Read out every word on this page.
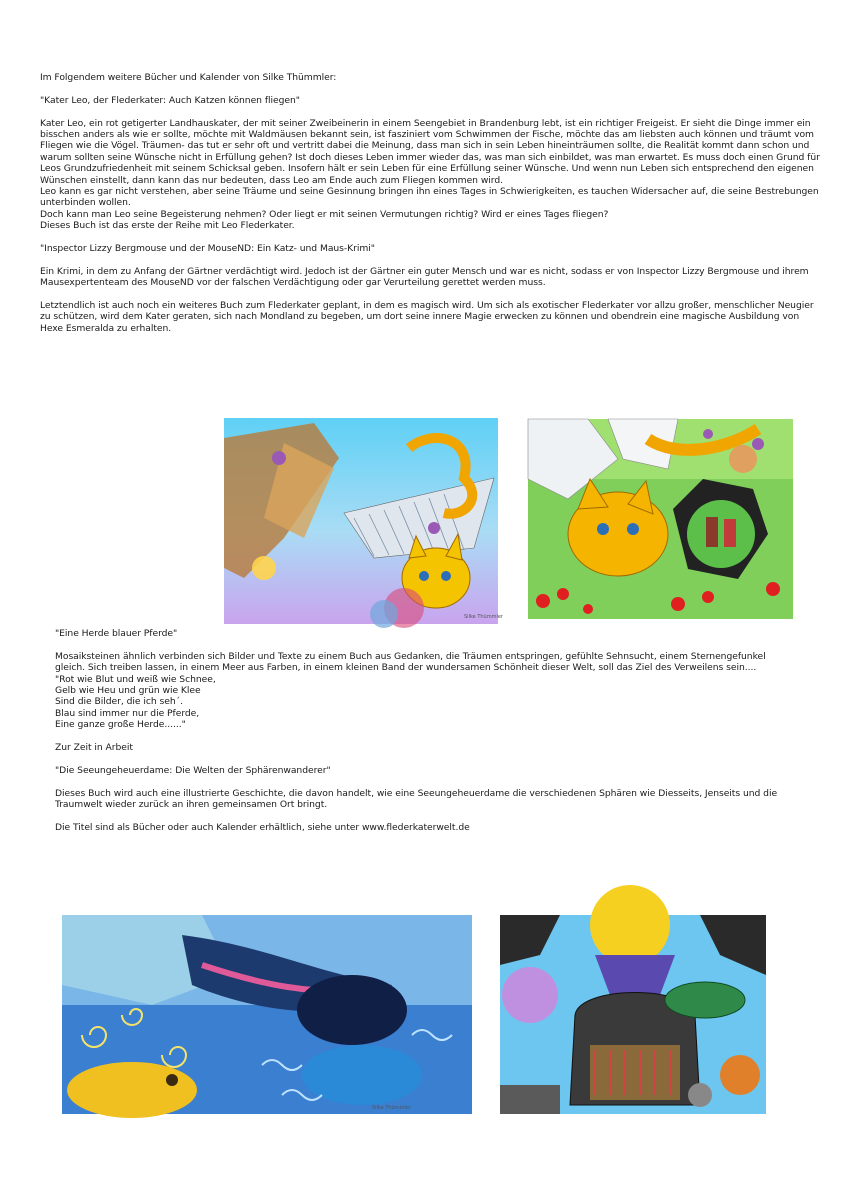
Im Folgendem weitere Bücher und Kalender von Silke Thümmler:

"Kater Leo, der Flederkater: Auch Katzen können fliegen"

Kater Leo, ein rot getigerter Landhauskater, der mit seiner Zweibeinerin in einem Seengebiet in Brandenburg lebt, ist ein richtiger Freigeist. Er sieht die Dinge immer ein bisschen anders als wie er sollte, möchte mit Waldmäusen bekannt sein, ist fasziniert vom Schwimmen der Fische, möchte das am liebsten auch können und träumt vom Fliegen wie die Vögel. Träumen- das tut er sehr oft und vertritt dabei die Meinung, dass man sich in sein Leben hineinträumen sollte, die Realität kommt dann schon und warum sollten seine Wünsche nicht in Erfüllung gehen? Ist doch dieses Leben immer wieder das, was man sich einbildet, was man erwartet. Es muss doch einen Grund für Leos Grundzufriedenheit mit seinem Schicksal geben. Insofern hält er sein Leben für eine Erfüllung seiner Wünsche. Und wenn nun Leben sich entsprechend den eigenen Wünschen einstellt, dann kann das nur bedeuten, dass Leo am Ende auch zum Fliegen kommen wird.

Leo kann es gar nicht verstehen, aber seine Träume und seine Gesinnung bringen ihn eines Tages in Schwierigkeiten, es tauchen Widersacher auf, die seine Bestrebungen unterbinden wollen.

Doch kann man Leo seine Begeisterung nehmen? Oder liegt er mit seinen Vermutungen richtig? Wird er eines Tages fliegen?

Dieses Buch ist das erste der Reihe mit Leo Flederkater.

"Inspector Lizzy Bergmouse und der MouseND: Ein Katz- und Maus-Krimi"

Ein Krimi, in dem zu Anfang der Gärtner verdächtigt wird. Jedoch ist der Gärtner ein guter Mensch und war es nicht, sodass er von Inspector Lizzy Bergmouse und ihrem Mausexpertenteam des MouseND vor der falschen Verdächtigung oder gar Verurteilung gerettet werden muss.

Letztendlich ist auch noch ein weiteres Buch zum Flederkater geplant, in dem es magisch wird. Um sich als exotischer Flederkater vor allzu großer, menschlicher Neugier zu schützen, wird dem Kater geraten, sich nach Mondland zu begeben, um dort seine innere Magie erwecken zu können und obendrein eine magische Ausbildung von Hexe Esmeralda zu erhalten.

Silke Thümmler

"Eine Herde blauer Pferde"

Mosaiksteinen ähnlich verbinden sich Bilder und Texte zu einem Buch aus Gedanken, die Träumen entspringen, gefühlte Sehnsucht, einem Sternengefunkel gleich. Sich treiben lassen, in einem Meer aus Farben, in einem kleinen Band der wundersamen Schönheit dieser Welt, soll das Ziel des Verweilens sein....

"Rot wie Blut und weiß wie Schnee,

Gelb wie Heu und grün wie Klee

Sind die Bilder, die ich seh´.

Blau sind immer nur die Pferde,

Eine ganze große Herde......"

Zur Zeit in Arbeit

"Die Seeungeheuerdame: Die Welten der Sphärenwanderer"

Dieses Buch wird auch eine illustrierte Geschichte, die davon handelt, wie eine Seeungeheuerdame die verschiedenen Sphären wie Diesseits, Jenseits und die Traumwelt wieder zurück an ihren gemeinsamen Ort bringt.

Die Titel sind als Bücher oder auch Kalender erhältlich, siehe unter www.flederkaterwelt.de

Silke Thümmler
